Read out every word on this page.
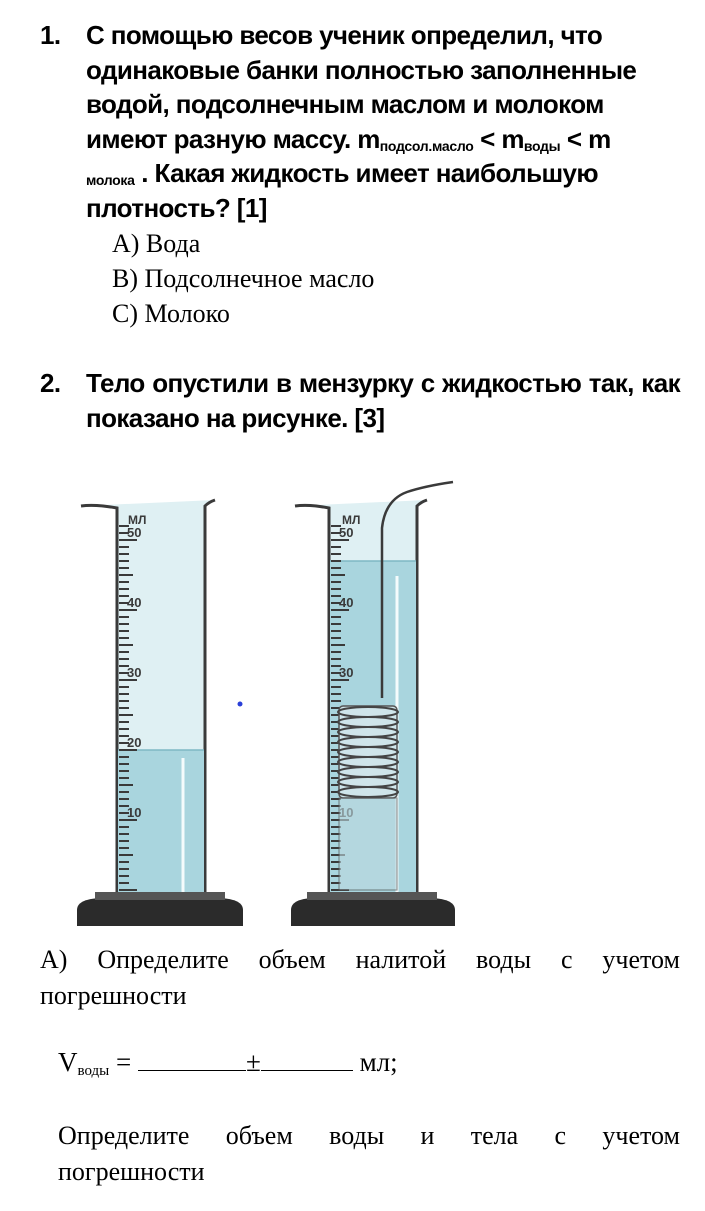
1. С помощью весов ученик определил, что одинаковые банки полностью заполненные водой, подсолнечным маслом и молоком имеют разную массу. $m_{подсол.масло} < m_{воды} < m$
$_{молока}$ . Какая жидкость имеет наибольшую плотность? [1]
A) Вода
B) Подсолнечное масло
C) Молоко
2. Тело опустили в мензурку с жидкостью так, как показано на рисунке. [3]
МЛ
50
40
30
20
10
МЛ
50
40
30
А) Определите объем налитой воды с учетом
погрешности
$V_{воды}$ =	±	мл;
Определите объем воды и тела с учетом
погрешности
